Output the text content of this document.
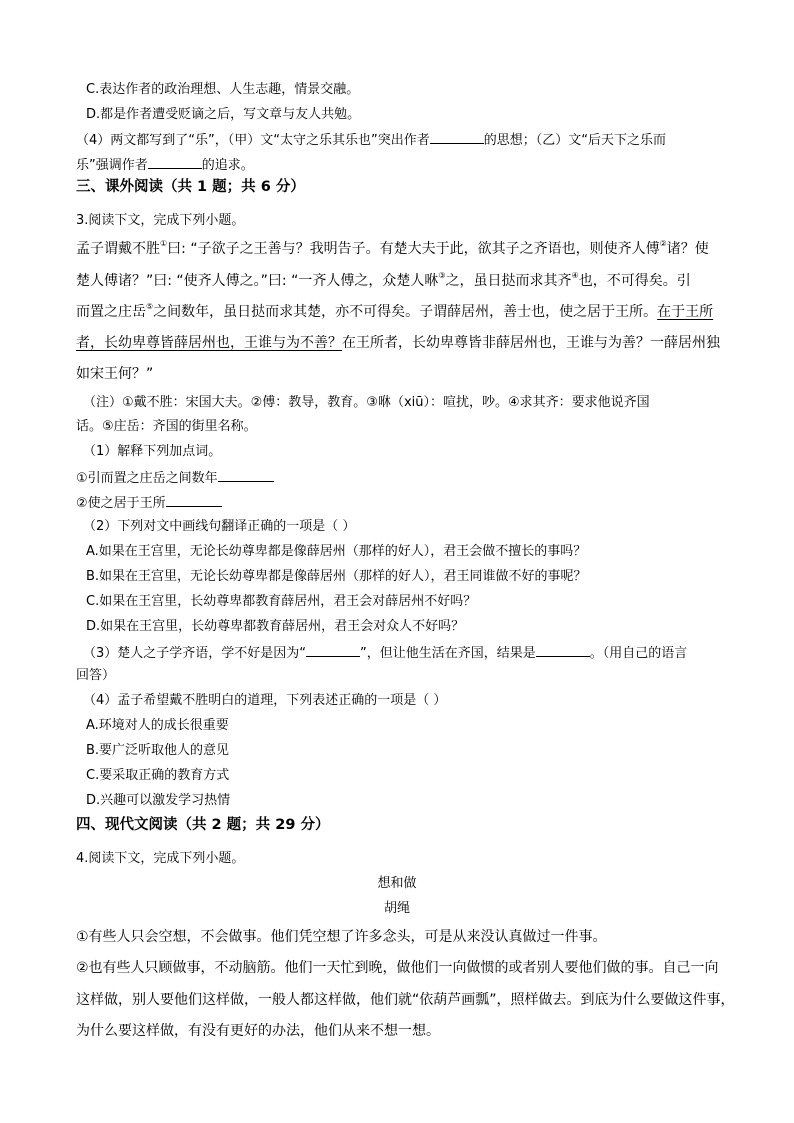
C.表达作者的政治理想、人生志趣，情景交融。
D.都是作者遭受贬谪之后，写文章与友人共勉。
（4）两文都写到了“乐”，（甲）文“太守之乐其乐也”突出作者	的思想；（乙）文“后天下之乐而
乐”强调作者	的追求。
三、课外阅读（共 1 题；共 6 分）
3.阅读下文，完成下列小题。
孟子谓戴不胜①曰: “子欲子之王善与？我明告子。有楚大夫于此，欲其子之齐语也，则使齐人傅②诸？使
楚人傅诸？”曰: “使齐人傅之。”曰: “一齐人傅之，众楚人咻③之，虽日挞而求其齐④也，不可得矣。引
而置之庄岳⑤之间数年，虽日挞而求其楚，亦不可得矣。子谓薛居州，善士也，使之居于王所。在于王所
者，长幼卑尊皆薛居州也，王谁与为不善？在王所者，长幼卑尊皆非薛居州也，王谁与为善？一薛居州独
如宋王何？”
（注）①戴不胜：宋国大夫。②傅：教导，教育。③咻（xiū）：喧扰，吵。④求其齐：要求他说齐国
话。⑤庄岳：齐国的街里名称。
（1）解释下列加点词。
①引而置之庄岳之间数年
②使之居于王所
（2）下列对文中画线句翻译正确的一项是（ ）
A.如果在王宫里，无论长幼尊卑都是像薛居州（那样的好人），君王会做不擅长的事吗？
B.如果在王宫里，无论长幼尊卑都是像薛居州（那样的好人），君王同谁做不好的事呢？
C.如果在王宫里，长幼尊卑都教育薛居州，君王会对薛居州不好吗？
D.如果在王宫里，长幼尊卑都教育薛居州，君王会对众人不好吗？
（3）楚人之子学齐语，学不好是因为“	”，但让他生活在齐国，结果是	。（用自己的语言
回答）
（4）孟子希望戴不胜明白的道理，下列表述正确的一项是（ ）
A.环境对人的成长很重要
B.要广泛听取他人的意见
C.要采取正确的教育方式
D.兴趣可以激发学习热情
四、现代文阅读（共 2 题；共 29 分）
4.阅读下文，完成下列小题。
想和做
胡绳
①有些人只会空想，不会做事。他们凭空想了许多念头，可是从来没认真做过一件事。
②也有些人只顾做事，不动脑筋。他们一天忙到晚，做他们一向做惯的或者别人要他们做的事。自己一向
这样做，别人要他们这样做，一般人都这样做，他们就“依葫芦画瓢”，照样做去。到底为什么要做这件事，
为什么要这样做，有没有更好的办法，他们从来不想一想。
